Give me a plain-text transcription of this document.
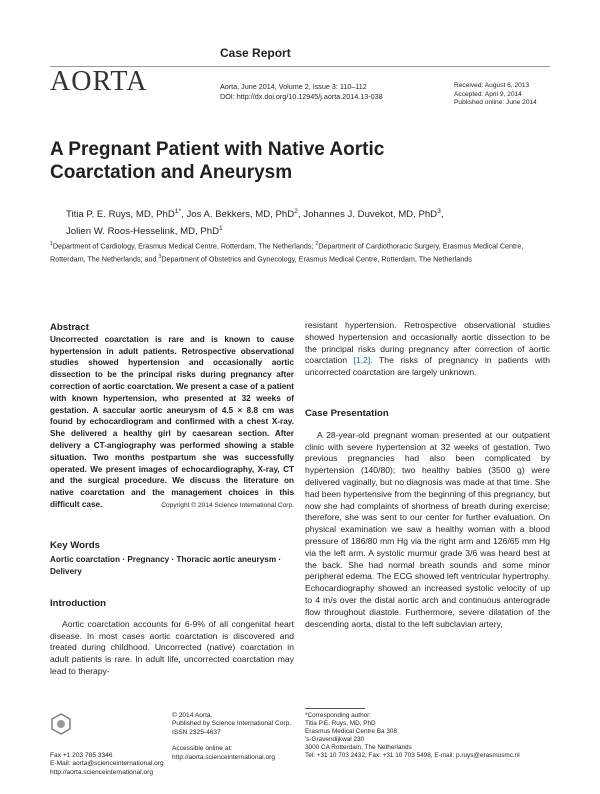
Case Report
AORTA	Aorta, June 2014, Volume 2, Issue 3: 110–112
DOI: http://dx.doi.org/10.12945/j.aorta.2014.13-038
Received: August 6, 2013
Accepted: April 9, 2014
Published online: June 2014
A Pregnant Patient with Native Aortic
Coarctation and Aneurysm
Titia P. E. Ruys, MD, PhD$^{1*}$, Jos A. Bekkers, MD, PhD$^2$, Johannes J. Duvekot, MD, PhD$^3$,
Jolien W. Roos-Hesselink, MD, PhD$^1$
$^1$Department of Cardiology, Erasmus Medical Centre, Rotterdam, The Netherlands; $^2$Department of Cardiothoracic Surgery, Erasmus Medical Centre, Rotterdam, The Netherlands; and $^3$Department of Obstetrics and Gynecology, Erasmus Medical Centre, Rotterdam, The Netherlands
Abstract
Uncorrected coarctation is rare and is known to cause hypertension in adult patients. Retrospective observational studies showed hypertension and occasionally aortic dissection to be the principal risks during pregnancy after correction of aortic coarctation. We present a case of a patient with known hypertension, who presented at 32 weeks of gestation. A saccular aortic aneurysm of 4.5 × 8.8 cm was found by echocardiogram and confirmed with a chest X-ray. She delivered a healthy girl by caesarean section. After delivery a CT-angiography was performed showing a stable situation. Two months postpartum she was successfully operated. We present images of echocardiography, X-ray, CT and the surgical procedure. We discuss the literature on native coarctation and the management choices in this difficult case.	Copyright © 2014 Science International Corp.
Key Words
Aortic coarctation · Pregnancy · Thoracic aortic aneurysm · Delivery
Introduction

Aortic coarctation accounts for 6-9% of all congenital heart disease. In most cases aortic coarctation is discovered and treated during childhood. Uncorrected (native) coarctation in adult patients is rare. In adult life, uncorrected coarctation may lead to therapy-

resistant hypertension. Retrospective observational studies showed hypertension and occasionally aortic dissection to be the principal risks during pregnancy after correction of aortic coarctation [1,2]. The risks of pregnancy in patients with uncorrected coarctation are largely unknown.

Case Presentation

A 28-year-old pregnant woman presented at our outpatient clinic with severe hypertension at 32 weeks of gestation. Two previous pregnancies had also been complicated by hypertension (140/80); two healthy babies (3500 g) were delivered vaginally, but no diagnosis was made at that time. She had been hypertensive from the beginning of this pregnancy, but now she had complaints of shortness of breath during exercise; therefore, she was sent to our center for further evaluation. On physical examination we saw a healthy woman with a blood pressure of 186/80 mm Hg via the right arm and 126/65 mm Hg via the left arm. A systolic murmur grade 3/6 was heard best at the back. She had normal breath sounds and some minor peripheral edema. The ECG showed left ventricular hypertrophy. Echocardiography showed an increased systolic velocity of up to 4 m/s over the distal aortic arch and continuous anterograde flow throughout diastole. Furthermore, severe dilatation of the descending aorta, distal to the left subclavian artery,

*Corresponding author:
Titia P.E. Ruys, MD, PhD
Erasmus Medical Centre Ba 308
's-Gravendijkwal 230
3000 CA Rotterdam, The Netherlands
Tel: +31 10 703 2432, Fax: +31 10 703 5498, E-mail: p.ruys@erasmusmc.nl
Fax +1 203 785 3346
E-Mail: aorta@scienceinternational.org
http://aorta.scienceinternational.org
© 2014 Aorta.
Published by Science International Corp.
ISSN 2325-4637
Accessible online at:
http://aorta.scienceinternational.org
